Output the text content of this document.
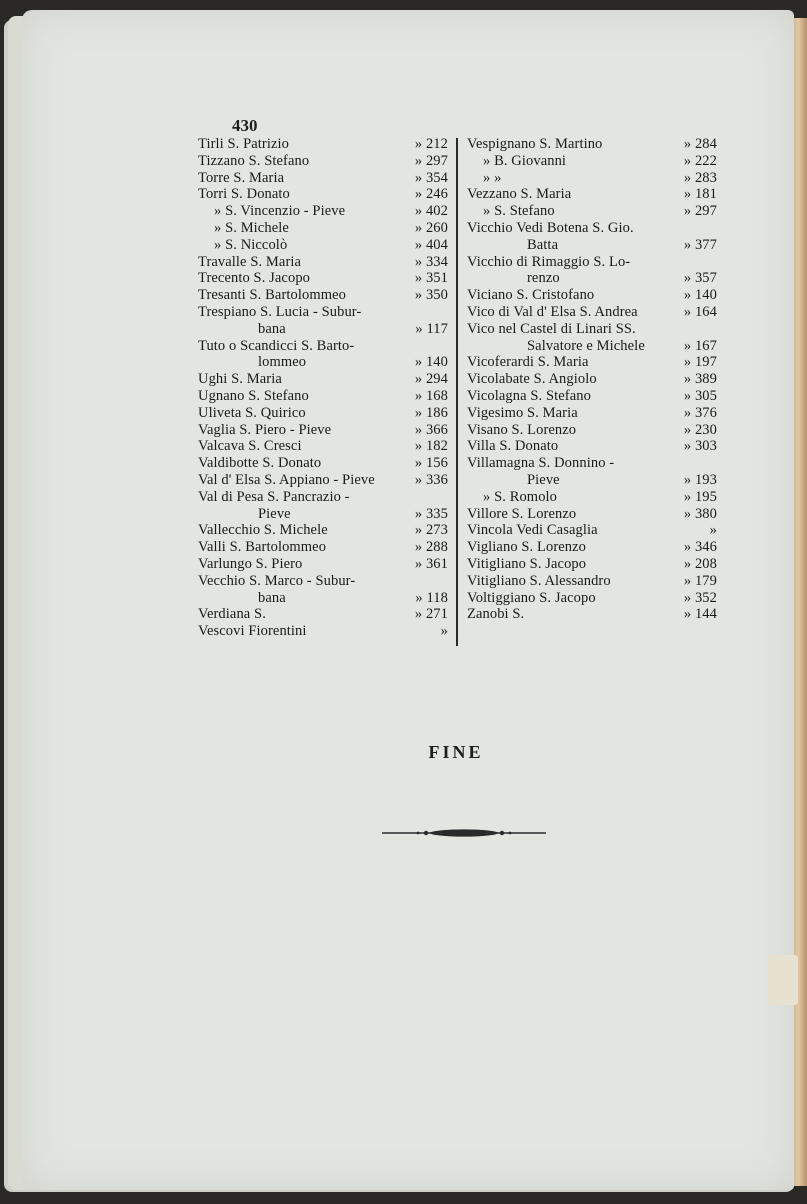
430

Tirli S. Patrizio	» 212
Tizzano S. Stefano	» 297
Torre S. Maria	» 354
Torri S. Donato	» 246
» S. Vincenzio - Pieve	» 402
» S. Michele	» 260
» S. Niccolò	» 404
Travalle S. Maria	» 334
Trecento S. Jacopo	» 351
Tresanti S. Bartolommeo	» 350
Trespiano S. Lucia - Subur-
bana	» 117
Tuto o Scandicci S. Barto-
lommeo	» 140
Ughi S. Maria	» 294
Ugnano S. Stefano	» 168
Uliveta S. Quirico	» 186
Vaglia S. Piero - Pieve	» 366
Valcava S. Cresci	» 182
Valdibotte S. Donato	» 156
Val d' Elsa S. Appiano - Pieve	» 336
Val di Pesa S. Pancrazio -
Pieve	» 335
Vallecchio S. Michele	» 273
Valli S. Bartolommeo	» 288
Varlungo S. Piero	» 361
Vecchio S. Marco - Subur-
bana	» 118
Verdiana S.	» 271
Vescovi Fiorentini	»
Vespignano S. Martino	» 284
» B. Giovanni	» 222
» »	» 283
Vezzano S. Maria	» 181
» S. Stefano	» 297
Vicchio Vedi Botena S. Gio.
Batta	» 377
Vicchio di Rimaggio S. Lo-
renzo	» 357
Viciano S. Cristofano	» 140
Vico di Val d' Elsa S. Andrea	» 164
Vico nel Castel di Linari SS.
Salvatore e Michele	» 167
Vicoferardi S. Maria	» 197
Vicolabate S. Angiolo	» 389
Vicolagna S. Stefano	» 305
Vigesimo S. Maria	» 376
Visano S. Lorenzo	» 230
Villa S. Donato	» 303
Villamagna S. Donnino -
Pieve	» 193
» S. Romolo	» 195
Villore S. Lorenzo	» 380
Vincola Vedi Casaglia	»
Vigliano S. Lorenzo	» 346
Vitigliano S. Jacopo	» 208
Vitigliano S. Alessandro	» 179
Voltiggiano S. Jacopo	» 352
Zanobi S.	» 144
FINE
